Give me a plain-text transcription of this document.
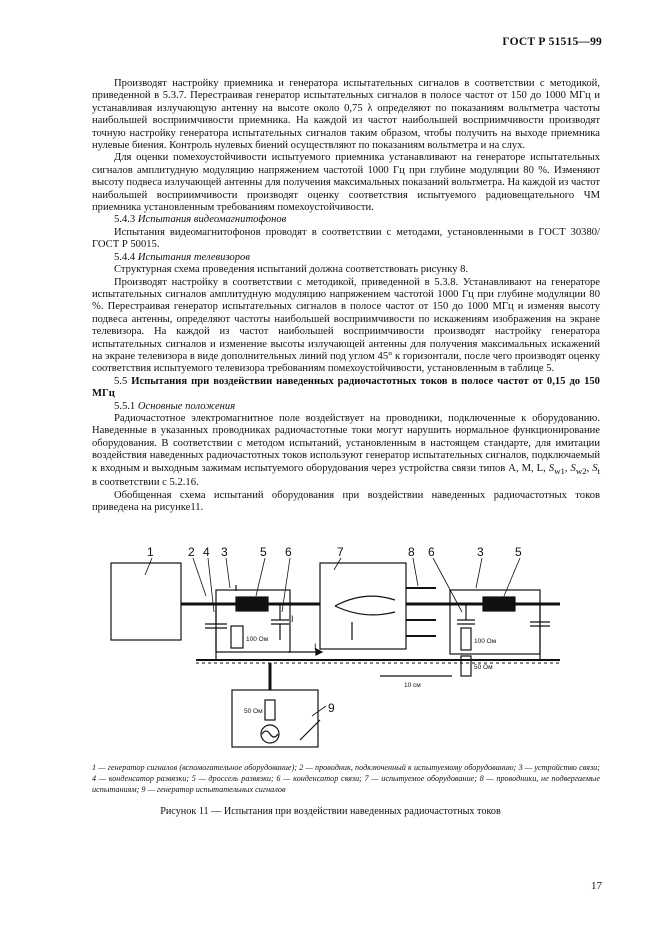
ГОСТ Р 51515—99

Производят настройку приемника и генератора испытательных сигналов в соответствии с методикой, приведенной в 5.3.7. Перестраивая генератор испытательных сигналов в полосе частот от 150 до 1000 МГц и устанавливая излучающую антенну на высоте около 0,75 λ определяют по показаниям вольтметра частоты наибольшей восприимчивости приемника. На каждой из частот наибольшей восприимчивости производят точную настройку генератора испытательных сигналов таким образом, чтобы получить на выходе приемника нулевые биения. Контроль нулевых биений осуществляют по показаниям вольтметра и на слух.

Для оценки помехоустойчивости испытуемого приемника устанавливают на генераторе испытательных сигналов амплитудную модуляцию напряжением частотой 1000 Гц при глубине модуляции 80 %. Изменяют высоту подвеса излучающей антенны для получения максимальных показаний вольтметра. На каждой из частот наибольшей восприимчивости производят оценку соответствия испытуемого радиовещательного ЧМ приемника установленным требованиям помехоустойчивости.

5.4.3 Испытания видеомагнитофонов

Испытания видеомагнитофонов проводят в соответствии с методами, установленными в ГОСТ 30380/ГОСТ Р 50015.

5.4.4 Испытания телевизоров

Структурная схема проведения испытаний должна соответствовать рисунку 8.

Производят настройку в соответствии с методикой, приведенной в 5.3.8. Устанавливают на генераторе испытательных сигналов амплитудную модуляцию напряжением частотой 1000 Гц при глубине модуляции 80 %. Перестраивая генератор испытательных сигналов в полосе частот от 150 до 1000 МГц и изменяя высоту подвеса антенны, определяют частоты наибольшей восприимчивости по искажениям изображения на экране телевизора. На каждой из частот наибольшей восприимчивости производят настройку генератора испытательных сигналов и изменение высоты излучающей антенны для получения максимальных искажений на экране телевизора в виде дополнительных линий под углом 45° к горизонтали, после чего производят оценку соответствия испытуемого телевизора требованиям помехоустойчивости, установленным в таблице 5.

5.5 Испытания при воздействии наведенных радиочастотных токов в полосе частот от 0,15 до 150 МГц

5.5.1 Основные положения

Радиочастотное электромагнитное поле воздействует на проводники, подключенные к оборудованию. Наведенные в указанных проводниках радиочастотные токи могут нарушить нормальное функционирование оборудования. В соответствии с методом испытаний, установленным в настоящем стандарте, для имитации воздействия наведенных радиочастотных токов используют генератор испытательных сигналов, подключаемый к входным и выходным зажимам испытуемого оборудования через устройства связи типов А, М, L, $S_{w1}$, $S_{w2}$, $S_t$ в соответствии с 5.2.16.

Обобщенная схема испытаний оборудования при воздействии наведенных радиочастотных токов приведена на рисунке11.

1	2 4 3	5 6	7	8 6	3	5
9
100 Ом	100 Ом
50 Ом
50 Ом
10 см
I
I
1 — генератор сигналов (вспомогательное оборудование); 2 — проводник, подключенный к испытуемому оборудованию; 3 — устройство связи; 4 — конденсатор развязки; 5 — дроссель развязки; 6 — конденсатор связи; 7 — испытуемое оборудование; 8 — проводники, не подвергаемые испытаниям; 9 — генератор испытательных сигналов
Рисунок 11 — Испытания при воздействии наведенных радиочастотных токов
17
